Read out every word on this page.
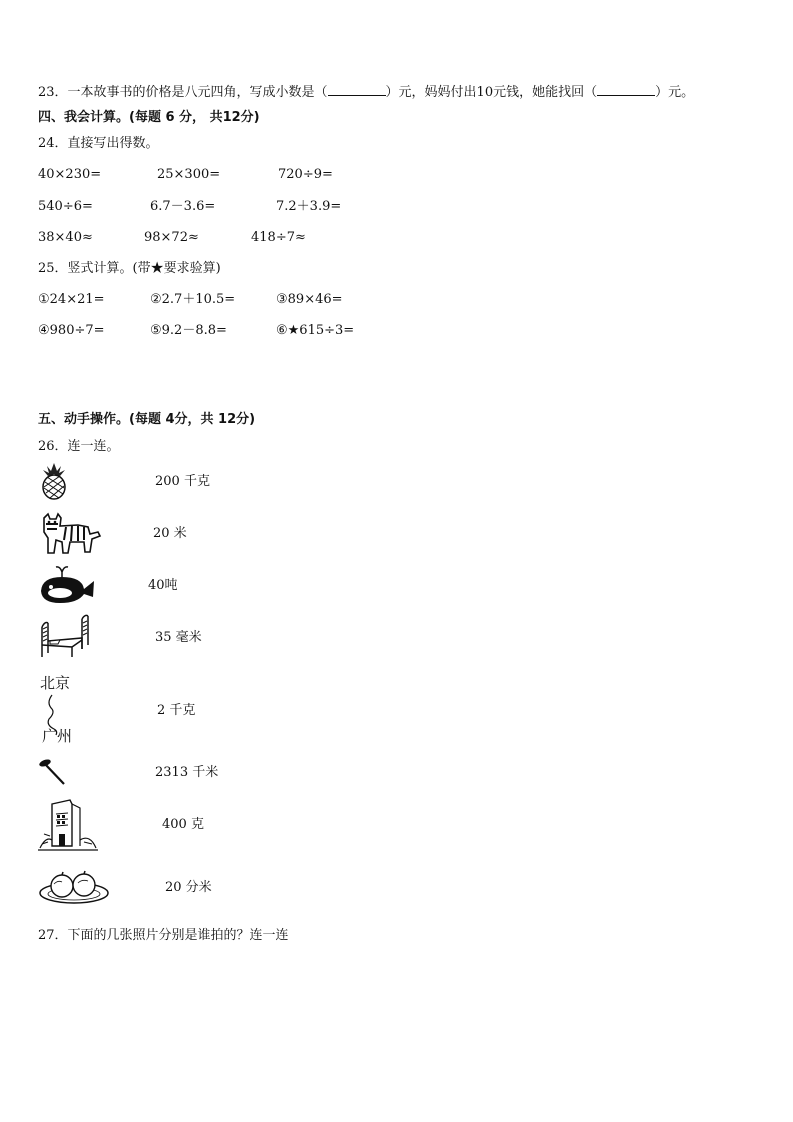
23．一本故事书的价格是八元四角，写成小数是（	）元，妈妈付出10元钱，她能找回（	）元。
四、我会计算。(每题 6 分， 共12分)
24．直接写出得数。
40×230=	25×300=	720÷9=
540÷6=	6.7－3.6=	7.2＋3.9=
38×40≈	98×72≈	418÷7≈
25．竖式计算。(带★要求验算)
①24×21=	②2.7＋10.5=	③89×46=
④980÷7=	⑤9.2－8.8=	⑥★615÷3=
五、动手操作。(每题 4分，共 12分)
26．连一连。
200 千克
20 米
40吨
35 毫米
北京
广州
2 千克
2313 千米
400 克
20 分米
27．下面的几张照片分别是谁拍的？连一连
